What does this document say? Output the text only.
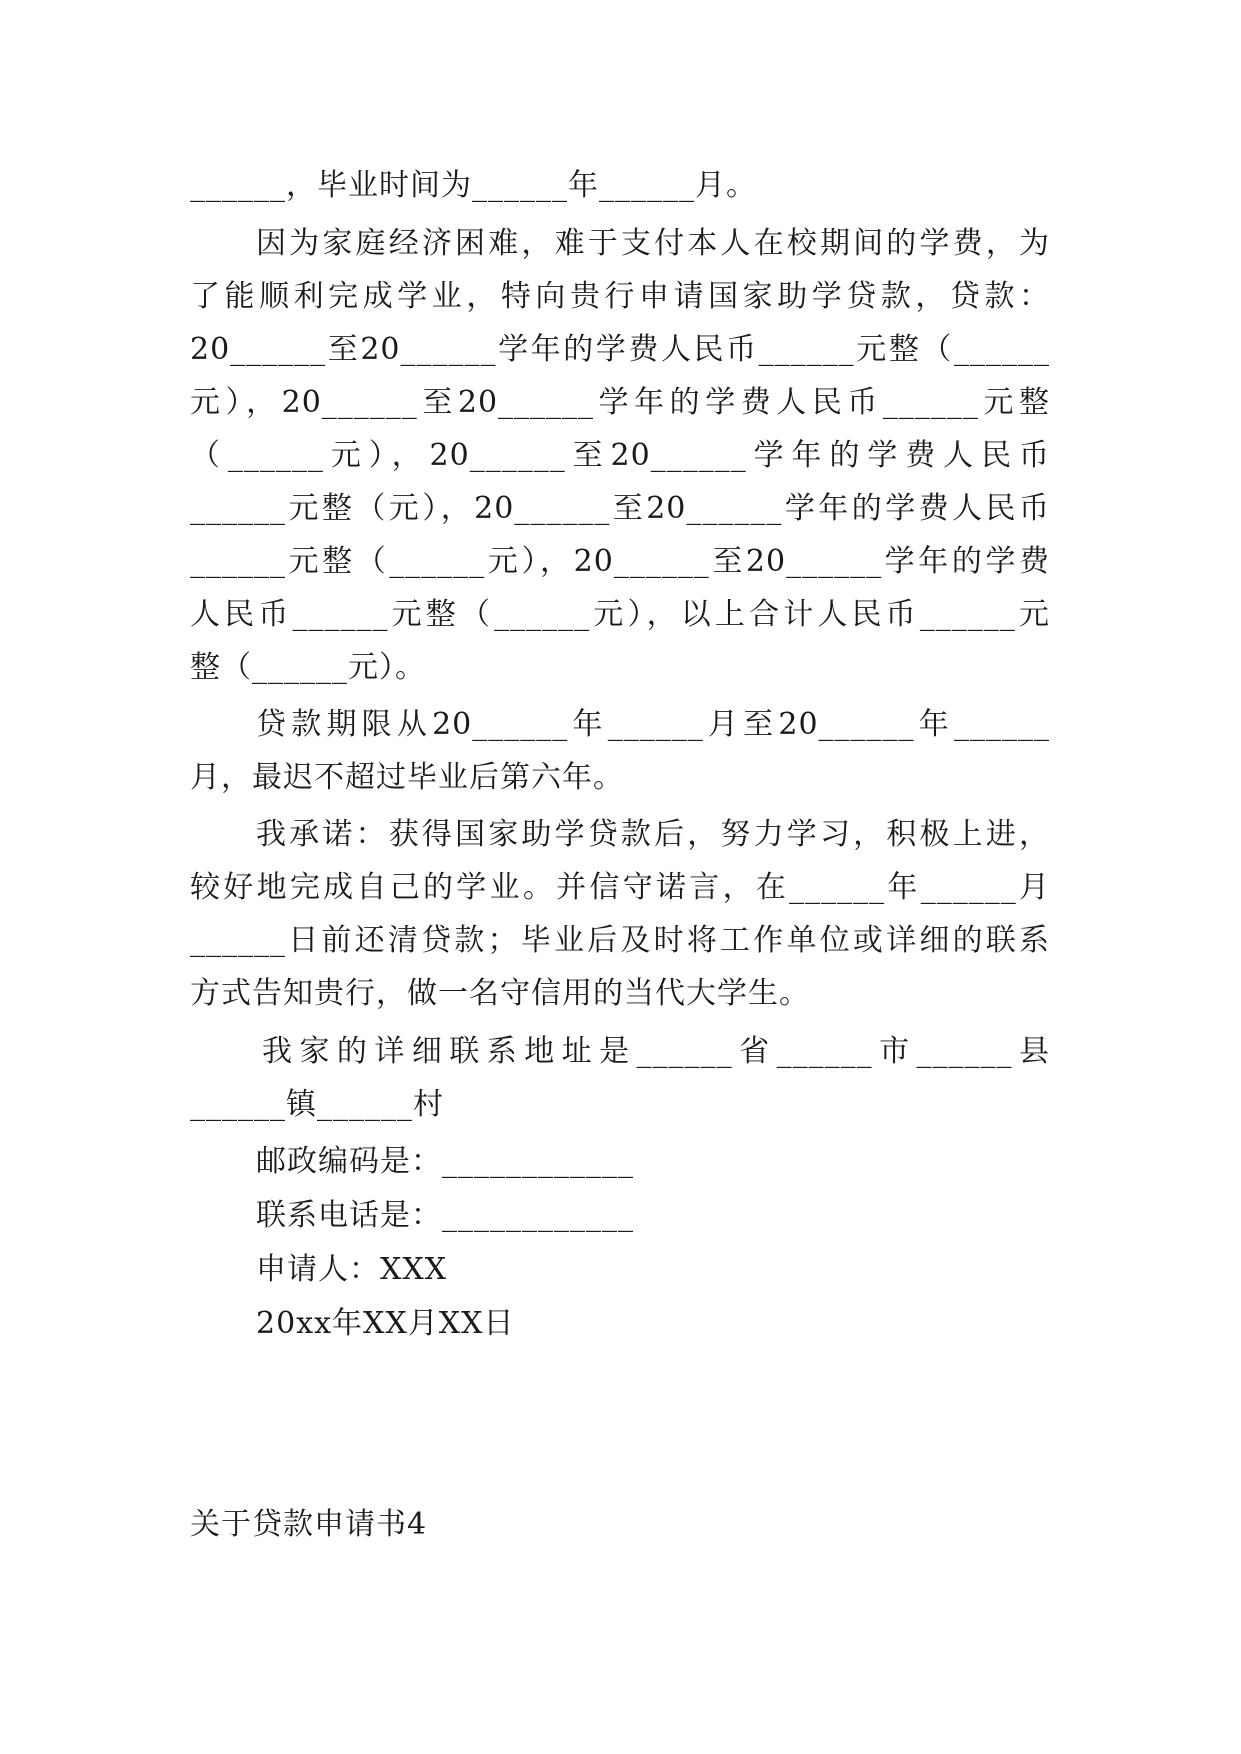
______，毕业时间为______年______月。
因为家庭经济困难，难于支付本人在校期间的学费，为
了能顺利完成学业，特向贵行申请国家助学贷款，贷款：
20______至20______学年的学费人民币______元整（______
元），20______至20______学年的学费人民币______元整
（______元），20______至20______学年的学费人民币
______元整（元），20______至20______学年的学费人民币
______元整（______元），20______至20______学年的学费
人民币______元整（______元），以上合计人民币______元
整（______元）。
贷款期限从20______年______月至20______年______
月，最迟不超过毕业后第六年。
我承诺：获得国家助学贷款后，努力学习，积极上进，
较好地完成自己的学业。并信守诺言，在______年______月
______日前还清贷款；毕业后及时将工作单位或详细的联系
方式告知贵行，做一名守信用的当代大学生。
我家的详细联系地址是______省______市______县
______镇______村
邮政编码是：____________
联系电话是：____________
申请人：XXX
20xx年XX月XX日
关于贷款申请书4
